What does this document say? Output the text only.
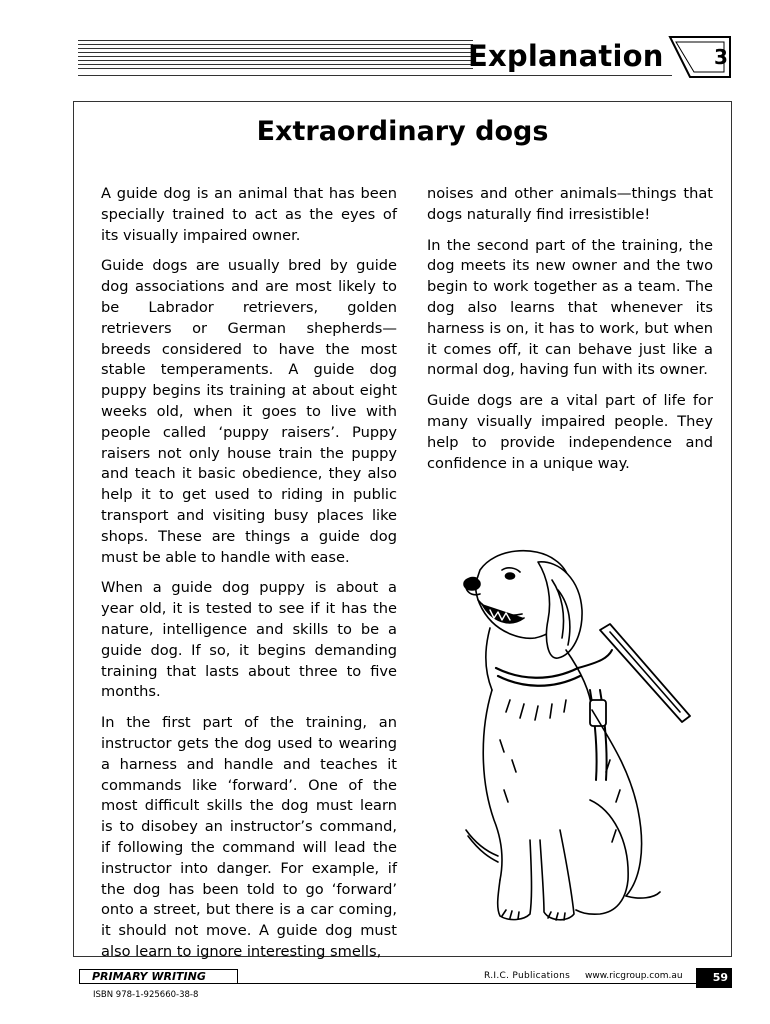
Explanation	3
Extraordinary dogs

A guide dog is an animal that has been specially trained to act as the eyes of its visually impaired owner.

Guide dogs are usually bred by guide dog associations and are most likely to be Labrador retrievers, golden retrievers or German shepherds—breeds considered to have the most stable temperaments. A guide dog puppy begins its training at about eight weeks old, when it goes to live with people called ‘puppy raisers’. Puppy raisers not only house train the puppy and teach it basic obedience, they also help it to get used to riding in public transport and visiting busy places like shops. These are things a guide dog must be able to handle with ease.

When a guide dog puppy is about a year old, it is tested to see if it has the nature, intelligence and skills to be a guide dog. If so, it begins demanding training that lasts about three to five months.

In the first part of the training, an instructor gets the dog used to wearing a harness and handle and teaches it commands like ‘forward’. One of the most difficult skills the dog must learn is to disobey an instructor’s command, if following the command will lead the instructor into danger. For example, if the dog has been told to go ‘forward’ onto a street, but there is a car coming, it should not move. A guide dog must also learn to ignore interesting smells,

noises and other animals—things that dogs naturally find irresistible!

In the second part of the training, the dog meets its new owner and the two begin to work together as a team. The dog also learns that whenever its harness is on, it has to work, but when it comes off, it can behave just like a normal dog, having fun with its owner.

Guide dogs are a vital part of life for many visually impaired people. They help to provide independence and confidence in a unique way.

PRIMARY WRITING	R.I.C. Publications www.ricgroup.com.au	59
ISBN 978-1-925660-38-8
